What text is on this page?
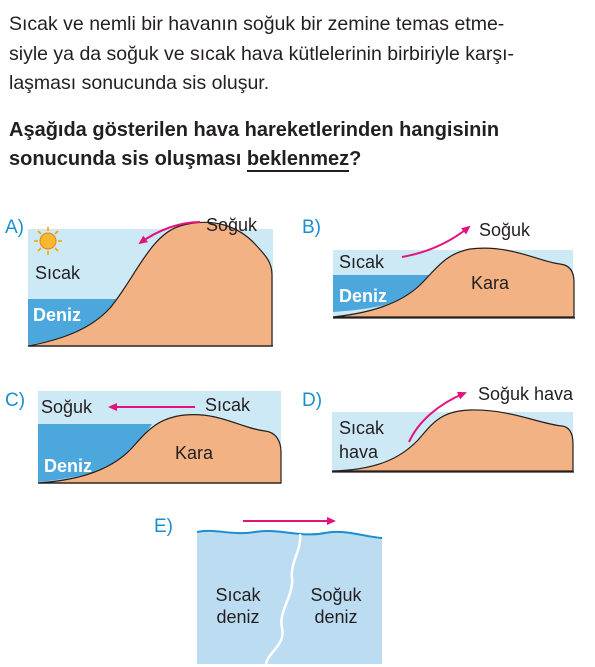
Sıcak ve nemli bir havanın soğuk bir zemine temas etme-
siyle ya da soğuk ve sıcak hava kütlelerinin birbiriyle karşı-
laşması sonucunda sis oluşur.
Aşağıda gösterilen hava hareketlerinden hangisinin
sonucunda sis oluşması beklenmez?
A)	B)
C)	D)
E)
Soğuk
Sıcak
Deniz
Soğuk
Sıcak
Deniz
Kara
Soğuk	Sıcak
Deniz
Kara
Soğuk hava
Sıcak
hava
Sıcak
deniz
Soğuk
deniz
